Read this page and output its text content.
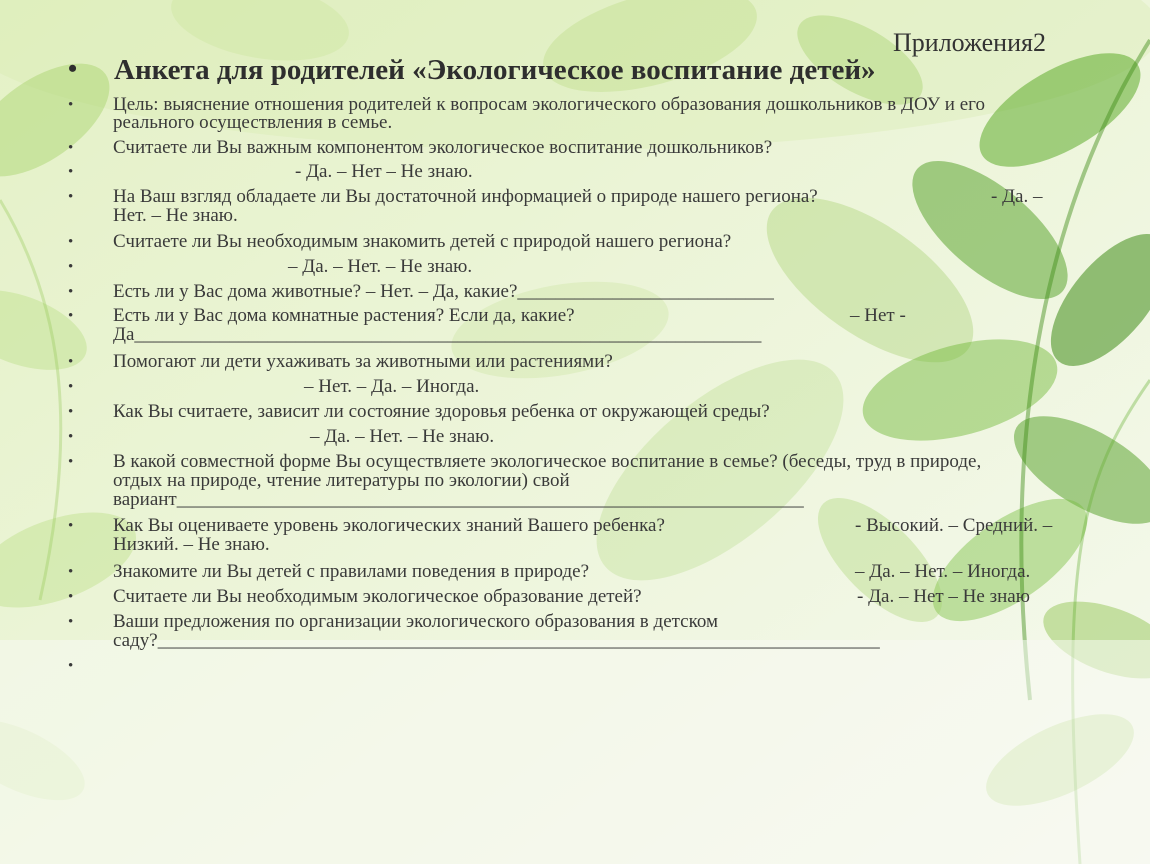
Приложения2
• Анкета для родителей «Экологическое воспитание детей»
• Цель: выяснение отношения родителей к вопросам экологического образования дошкольников в ДОУ и его
реального осуществления в семье.
• Считаете ли Вы важным компонентом экологическое воспитание дошкольников?
•	- Да. – Нет – Не знаю.
• На Ваш взгляд обладаете ли Вы достаточной информацией о природе нашего региона?	- Да. –
Нет. – Не знаю.
• Считаете ли Вы необходимым знакомить детей с природой нашего региона?
•	– Да. – Нет. – Не знаю.
• Есть ли у Вас дома животные? – Нет. – Да, какие?___________________________
• Есть ли у Вас дома комнатные растения? Если да, какие?	– Нет -
Да__________________________________________________________________
• Помогают ли дети ухаживать за животными или растениями?
•	– Нет. – Да. – Иногда.
• Как Вы считаете, зависит ли состояние здоровья ребенка от окружающей среды?
•	– Да. – Нет. – Не знаю.
• В какой совместной форме Вы осуществляете экологическое воспитание в семье? (беседы, труд в природе,
отдых на природе, чтение литературы по экологии) свой
вариант__________________________________________________________________
• Как Вы оцениваете уровень экологических знаний Вашего ребенка?	- Высокий. – Средний. –
Низкий. – Не знаю.
• Знакомите ли Вы детей с правилами поведения в природе?	– Да. – Нет. – Иногда.
• Считаете ли Вы необходимым экологическое образование детей?	- Да. – Нет – Не знаю
• Ваши предложения по организации экологического образования в детском
саду?____________________________________________________________________________
•
